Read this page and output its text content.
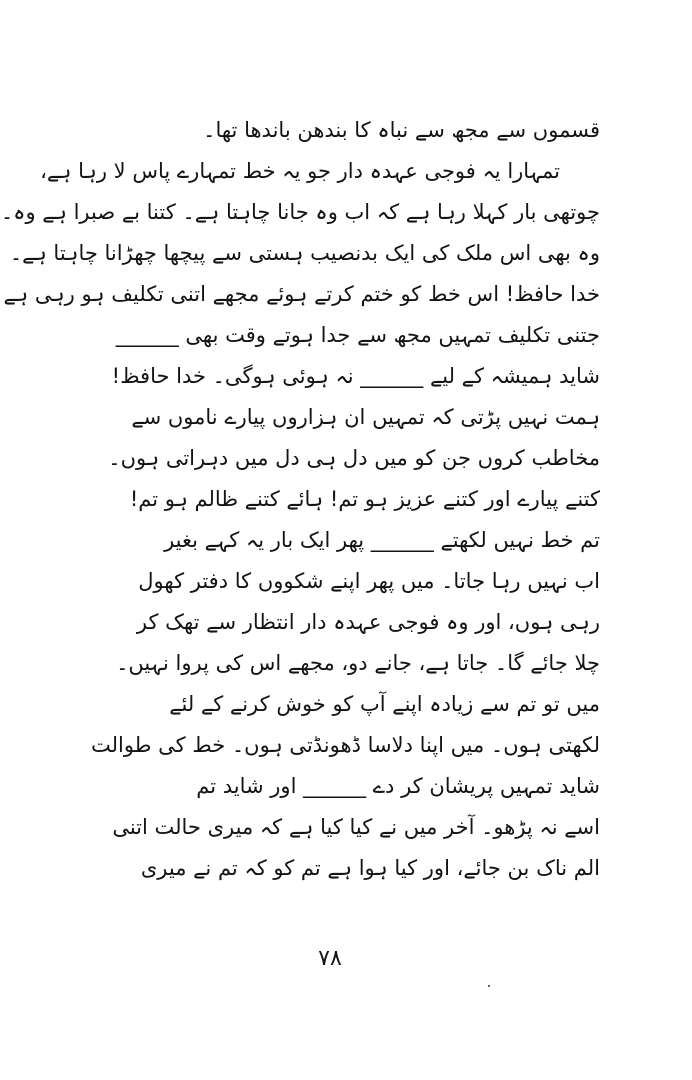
قسموں سے مجھ سے نباہ کا بندھن باندھا تھا۔
تمہارا یہ فوجی عہدہ دار جو یہ خط تمہارے پاس لا رہا ہے،
چوتھی بار کہلا رہا ہے کہ اب وہ جانا چاہتا ہے۔ کتنا بے صبرا ہے وہ۔
وہ بھی اس ملک کی ایک بدنصیب ہستی سے پیچھا چھڑانا چاہتا ہے۔
خدا حافظ! اس خط کو ختم کرتے ہوئے مجھے اتنی تکلیف ہو رہی ہے
جتنی تکلیف تمہیں مجھ سے جدا ہوتے وقت بھی ______
شاید ہمیشہ کے لیے ______ نہ ہوئی ہوگی۔ خدا حافظ!
ہمت نہیں پڑتی کہ تمہیں ان ہزاروں پیارے ناموں سے
مخاطب کروں جن کو میں دل ہی دل میں دہراتی ہوں۔
کتنے پیارے اور کتنے عزیز ہو تم! ہائے کتنے ظالم ہو تم!
تم خط نہیں لکھتے ______ پھر ایک بار یہ کہے بغیر
اب نہیں رہا جاتا۔ میں پھر اپنے شکووں کا دفتر کھول
رہی ہوں، اور وہ فوجی عہدہ دار انتظار سے تھک کر
چلا جائے گا۔ جاتا ہے، جانے دو، مجھے اس کی پروا نہیں۔
میں تو تم سے زیادہ اپنے آپ کو خوش کرنے کے لئے
لکھتی ہوں۔ میں اپنا دلاسا ڈھونڈتی ہوں۔ خط کی طوالت
شاید تمہیں پریشان کر دے ______ اور شاید تم
اسے نہ پڑھو۔ آخر میں نے کیا کیا ہے کہ میری حالت اتنی
الم ناک بن جائے، اور کیا ہوا ہے تم کو کہ تم نے میری
۷۸
